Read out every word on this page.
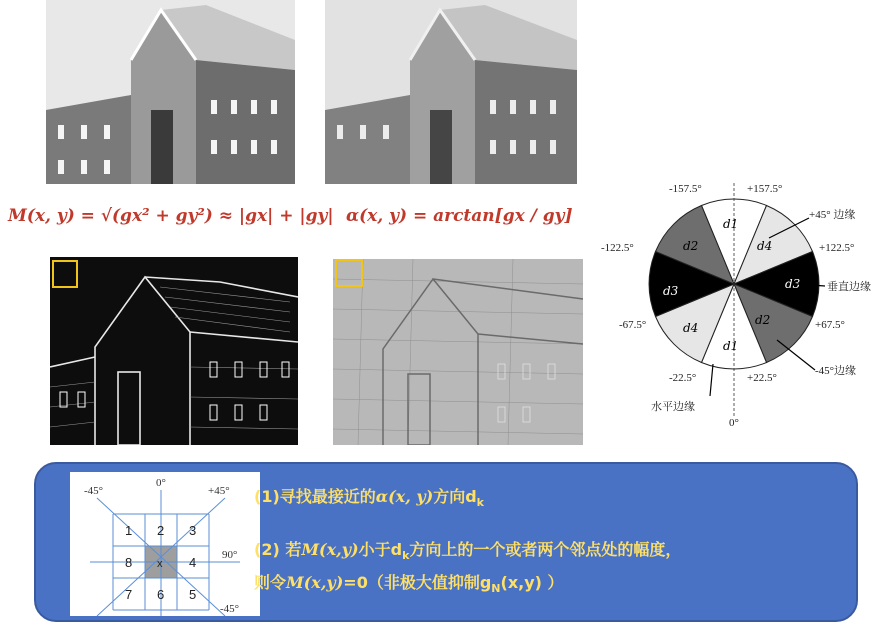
M(x, y) = √(gx² + gy²) ≈ |gx| + |gy| α(x, y) = arctan[gx / gy]	d1
d4
d3
d2
d1
d4
d3
d2
-157.5°	+157.5°
-122.5°	+122.5°
-67.5°	+67.5°
-22.5°	+22.5°
0°
+45° 边缘
垂直边缘
-45°边缘
水平边缘
1 2 3
8 x 4
7 6 5
-45°
0°
+45°
90°
-45°
(1)寻找最接近的α(x, y)方向$d_k$
(2) 若M(x,y)小于$d_k$方向上的一个或者两个邻点处的幅度，
则令M(x,y)=0（非极大值抑制$g_N(x,y)$ ）
